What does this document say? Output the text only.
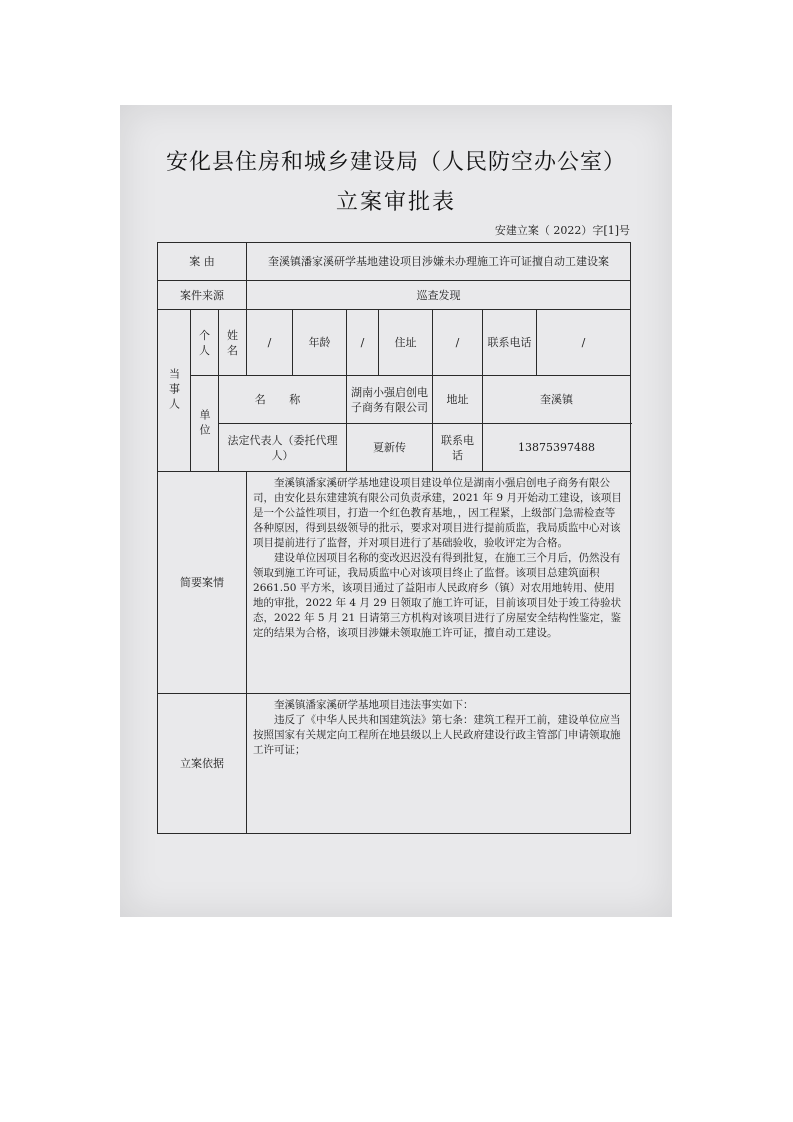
安化县住房和城乡建设局（人民防空办公室）
立案审批表
安建立案（ 2022）字[1]号
案 由			奎溪镇潘家溪研学基地建设项目涉嫌未办理施工许可证擅自动工建设案						
案件来源			巡查发现						
当事人	个人	姓名	/	年龄	/	住址	/	联系电话	/
	单位	名 称			湖南小强启创电子商务有限公司		地址	奎溪镇	
		法定代表人（委托代理人）			夏新传		联系电话	13875397488	
简要案情			奎溪镇潘家溪研学基地建设项目建设单位是湖南小强启创电子商务有限公司，由安化县东建建筑有限公司负责承建，2021 年 9 月开始动工建设，该项目是一个公益性项目，打造一个红色教育基地，，因工程紧，上级部门急需检查等各种原因，得到县级领导的批示，要求对项目进行提前质监，我局质监中心对该项目提前进行了监督，并对项目进行了基础验收，验收评定为合格。

建设单位因项目名称的变改迟迟没有得到批复，在施工三个月后，仍然没有领取到施工许可证，我局质监中心对该项目终止了监督。该项目总建筑面积 2661.50 平方米，该项目通过了益阳市人民政府乡（镇）对农用地转用、使用地的审批，2022 年 4 月 29 日领取了施工许可证，目前该项目处于竣工待验状态，2022 年 5 月 21 日请第三方机构对该项目进行了房屋安全结构性鉴定，鉴定的结果为合格，该项目涉嫌未领取施工许可证，擅自动工建设。						

立案依据			奎溪镇潘家溪研学基地项目违法事实如下：

违反了《中华人民共和国建筑法》第七条：建筑工程开工前，建设单位应当按照国家有关规定向工程所在地县级以上人民政府建设行政主管部门申请领取施工许可证；						
